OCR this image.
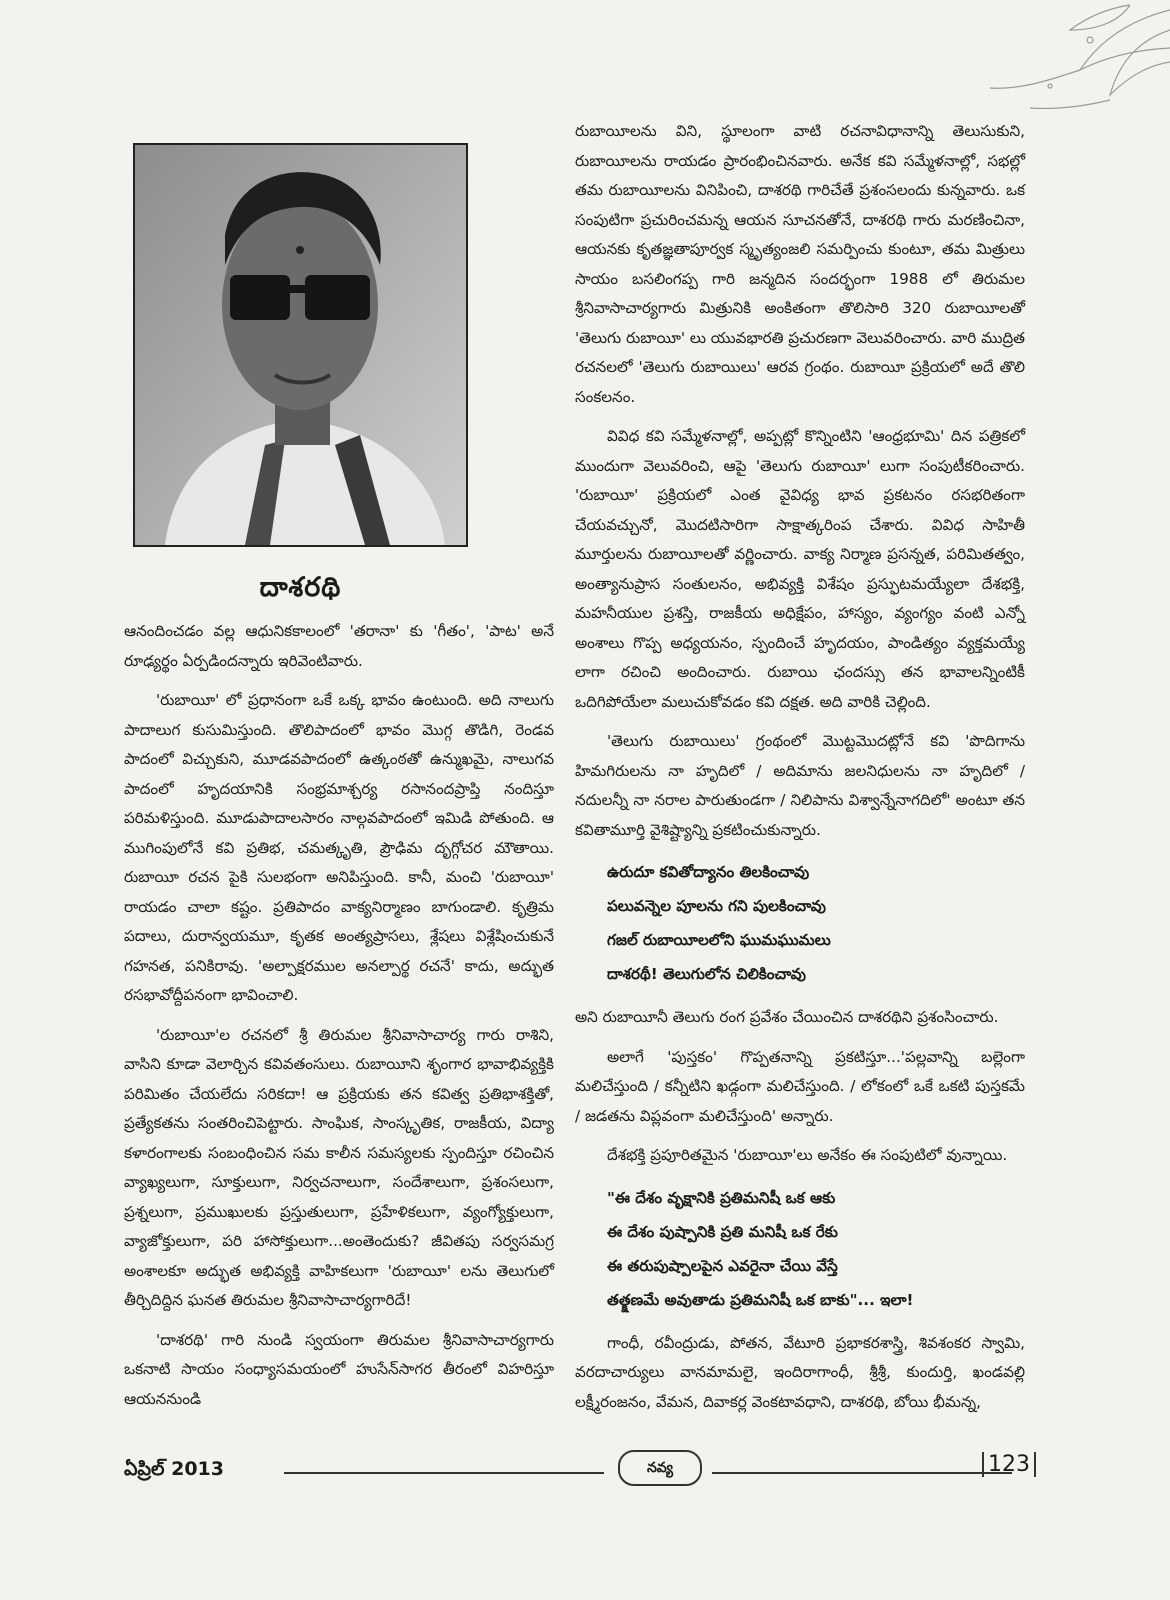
దాశరథి

ఆనందించడం వల్ల ఆధునికకాలంలో 'తరానా' కు 'గీతం', 'పాట' అనే రూఢ్యర్థం ఏర్పడిందన్నారు ఇరివెంటివారు.

'రుబాయీ' లో ప్రధానంగా ఒకే ఒక్క భావం ఉంటుంది. అది నాలుగు పాదాలుగ కుసుమిస్తుంది. తొలిపాదంలో భావం మొగ్గ తొడిగి, రెండవ పాదంలో విచ్చుకుని, మూడవపాదంలో ఉత్కంఠతో ఉన్ముఖమై, నాలుగవ పాదంలో హృదయానికి సంభ్రమాశ్చర్య రసానందప్రాప్తి నందిస్తూ పరిమళిస్తుంది. మూడుపాదాలసారం నాల్గవపాదంలో ఇమిడి పోతుంది. ఆ ముగింపులోనే కవి ప్రతిభ, చమత్కృతి, ప్రౌఢిమ దృగ్గోచర మౌతాయి. రుబాయీ రచన పైకి సులభంగా అనిపిస్తుంది. కానీ, మంచి 'రుబాయీ' రాయడం చాలా కష్టం. ప్రతిపాదం వాక్యనిర్మాణం బాగుండాలి. కృత్రిమ పదాలు, దురాన్వయమూ, కృతక అంత్యప్రాసలు, శ్లేషలు విశ్లేషించుకునే గహనత, పనికిరావు. 'అల్పాక్షరముల అనల్పార్థ రచనే' కాదు, అద్భుత రసభావోద్దీపనంగా భావించాలి.

'రుబాయీ'ల రచనలో శ్రీ తిరుమల శ్రీనివాసాచార్య గారు రాశిని, వాసిని కూడా వెలార్చిన కవివతంసులు. రుబాయీని శృంగార భావాభివ్యక్తికి పరిమితం చేయలేదు సరికదా! ఆ ప్రక్రియకు తన కవిత్వ ప్రతిభాశక్తితో, ప్రత్యేకతను సంతరించిపెట్టారు. సాంఘిక, సాంస్కృతిక, రాజకీయ, విద్యా కళారంగాలకు సంబంధించిన సమ కాలీన సమస్యలకు స్పందిస్తూ రచించిన వ్యాఖ్యలుగా, సూక్తులుగా, నిర్వచనాలుగా, సందేశాలుగా, ప్రశంసలుగా, ప్రశ్నలుగా, ప్రముఖులకు ప్రస్తుతులుగా, ప్రహేళికలుగా, వ్యంగ్యోక్తులుగా, వ్యాజోక్తులుగా, పరి హాసోక్తులుగా...అంతెందుకు? జీవితపు సర్వసమగ్ర అంశాలకూ అద్భుత అభివ్యక్తి వాహికలుగా 'రుబాయీ' లను తెలుగులో తీర్చిదిద్దిన ఘనత తిరుమల శ్రీనివాసాచార్యగారిదే!

'దాశరథి' గారి నుండి స్వయంగా తిరుమల శ్రీనివాసాచార్యగారు ఒకనాటి సాయం సంధ్యాసమయంలో హుసేన్‌సాగర తీరంలో విహరిస్తూ ఆయననుండి

రుబాయీలను విని, స్థూలంగా వాటి రచనావిధానాన్ని తెలుసుకుని, రుబాయీలను రాయడం ప్రారంభించినవారు. అనేక కవి సమ్మేళనాల్లో, సభల్లో తమ రుబాయీలను వినిపించి, దాశరథి గారిచేతే ప్రశంసలందు కున్నవారు. ఒక సంపుటిగా ప్రచురించమన్న ఆయన సూచనతోనే, దాశరథి గారు మరణించినా, ఆయనకు కృతజ్ఞతాపూర్వక స్మృత్యంజలి సమర్పించు కుంటూ, తమ మిత్రులు సాయం బసలింగప్ప గారి జన్మదిన సందర్భంగా 1988 లో తిరుమల శ్రీనివాసాచార్యగారు మిత్రునికి అంకితంగా తొలిసారి 320 రుబాయీలతో 'తెలుగు రుబాయీ' లు యువభారతి ప్రచురణగా వెలువరించారు. వారి ముద్రిత రచనలలో 'తెలుగు రుబాయిలు' ఆరవ గ్రంథం. రుబాయీ ప్రక్రియలో అదే తొలి సంకలనం.

వివిధ కవి సమ్మేళనాల్లో, అప్పట్లో కొన్నింటిని 'ఆంధ్రభూమి' దిన పత్రికలో ముందుగా వెలువరించి, ఆపై 'తెలుగు రుబాయీ' లుగా సంపుటీకరించారు. 'రుబాయీ' ప్రక్రియలో ఎంత వైవిధ్య భావ ప్రకటనం రసభరితంగా చేయవచ్చునో, మొదటిసారిగా సాక్షాత్కరింప చేశారు. వివిధ సాహితీ మూర్తులను రుబాయీలతో వర్ణించారు. వాక్య నిర్మాణ ప్రసన్నత, పరిమితత్వం, అంత్యానుప్రాస సంతులనం, అభివ్యక్తి విశేషం ప్రస్ఫుటమయ్యేలా దేశభక్తి, మహనీయుల ప్రశస్తి, రాజకీయ అధిక్షేపం, హాస్యం, వ్యంగ్యం వంటి ఎన్నో అంశాలు గొప్ప అధ్యయనం, స్పందించే హృదయం, పాండిత్యం వ్యక్తమయ్యే లాగా రచించి అందించారు. రుబాయి ఛందస్సు తన భావాలన్నింటికీ ఒదిగిపోయేలా మలుచుకోవడం కవి దక్షత. అది వారికి చెల్లింది.

'తెలుగు రుబాయిలు' గ్రంథంలో మొట్టమొదట్లోనే కవి 'పొదిగాను హిమగిరులను నా హృదిలో / అదిమాను జలనిధులను నా హృదిలో / నదులన్నీ నా నరాల పారుతుండగా / నిలిపాను విశ్వాన్నేనాగదిలో' అంటూ తన కవితామూర్తి వైశిష్ట్యాన్ని ప్రకటించుకున్నారు.

ఉరుదూ కవితోద్యానం తిలకించావు
పలువన్నెల పూలను గని పులకించావు
గజల్ రుబాయీలలోని ఘుమఘుమలు
దాశరథీ! తెలుగులోన చిలికించావు

అని రుబాయీనీ తెలుగు రంగ ప్రవేశం చేయించిన దాశరథిని ప్రశంసించారు.

అలాగే 'పుస్తకం' గొప్పతనాన్ని ప్రకటిస్తూ...'పల్లవాన్ని బల్లెంగా మలిచేస్తుంది / కన్నీటిని ఖడ్గంగా మలిచేస్తుంది. / లోకంలో ఒకే ఒకటి పుస్తకమే / జడతను విప్లవంగా మలిచేస్తుంది' అన్నారు.

దేశభక్తి ప్రపూరితమైన 'రుబాయీ'లు అనేకం ఈ సంపుటిలో వున్నాయి.

"ఈ దేశం వృక్షానికి ప్రతిమనిషీ ఒక ఆకు
ఈ దేశం పుష్పానికి ప్రతి మనిషీ ఒక రేకు
ఈ తరుపుష్పాలపైన ఎవరైనా చేయి వేస్తే
తత్క్షణమే అవుతాడు ప్రతిమనిషీ ఒక బాకు"... ఇలా!

గాంధీ, రవీంద్రుడు, పోతన, వేటూరి ప్రభాకరశాస్త్రి, శివశంకర స్వామి, వరదాచార్యులు వానమామలై, ఇందిరాగాంధీ, శ్రీశ్రీ, కుందుర్తి, ఖండవల్లి లక్ష్మీరంజనం, వేమన, దివాకర్ల వెంకటావధాని, దాశరథి, బోయి భీమన్న,

ఏప్రిల్ 2013	నవ్య	123
